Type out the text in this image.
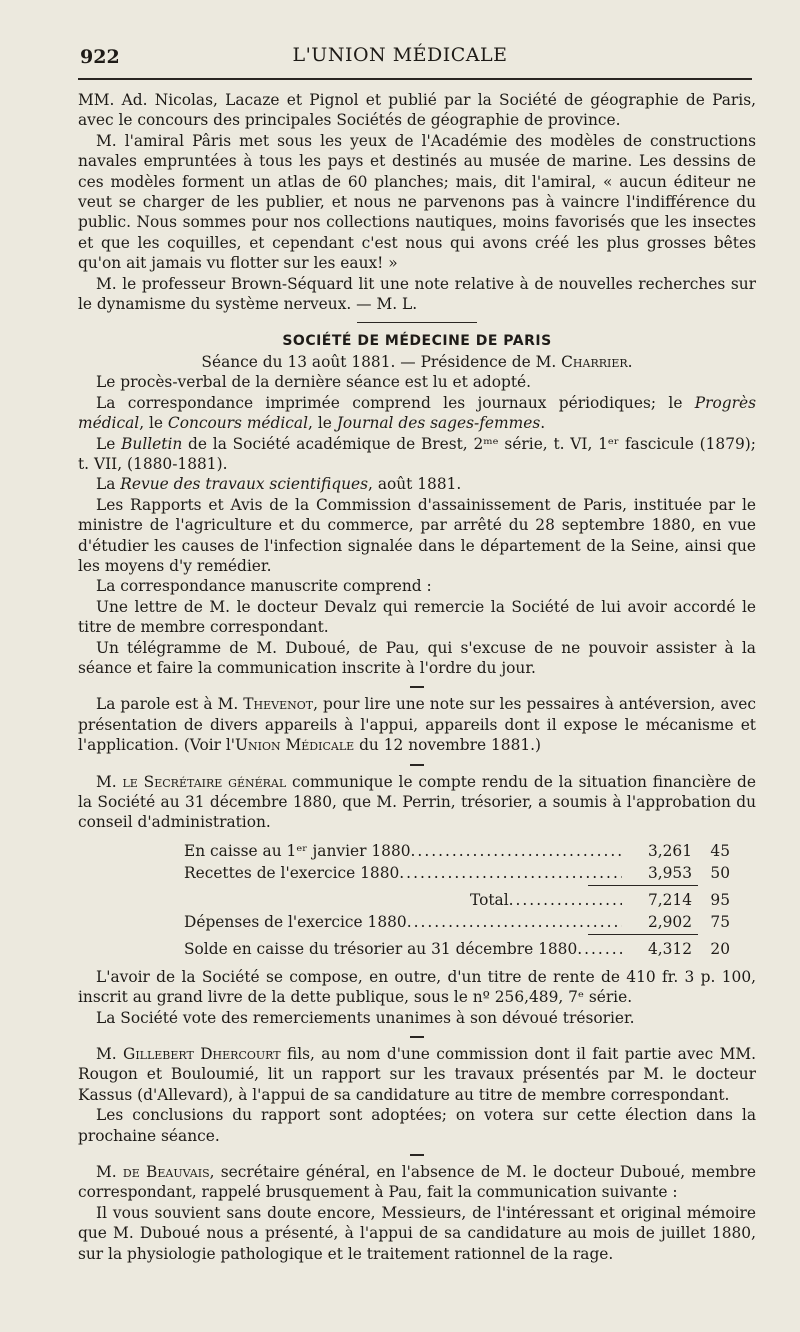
922	L'UNION MÉDICALE

MM. Ad. Nicolas, Lacaze et Pignol et publié par la Société de géographie de Paris, avec le concours des principales Sociétés de géographie de province.

M. l'amiral Pâris met sous les yeux de l'Académie des modèles de constructions navales empruntées à tous les pays et destinés au musée de marine. Les dessins de ces modèles forment un atlas de 60 planches; mais, dit l'amiral, « aucun éditeur ne veut se charger de les publier, et nous ne parvenons pas à vaincre l'indifférence du public. Nous sommes pour nos collections nautiques, moins favorisés que les insectes et que les coquilles, et cependant c'est nous qui avons créé les plus grosses bêtes qu'on ait jamais vu flotter sur les eaux! »

M. le professeur Brown-Séquard lit une note relative à de nouvelles recherches sur le dynamisme du système nerveux. — M. L.

SOCIÉTÉ DE MÉDECINE DE PARIS

Séance du 13 août 1881. — Présidence de M. Charrier.

Le procès-verbal de la dernière séance est lu et adopté.

La correspondance imprimée comprend les journaux périodiques; le Progrès médical, le Concours médical, le Journal des sages-femmes.

Le Bulletin de la Société académique de Brest, 2ᵐᵉ série, t. VI, 1ᵉʳ fascicule (1879); t. VII, (1880-1881).

La Revue des travaux scientifiques, août 1881.

Les Rapports et Avis de la Commission d'assainissement de Paris, instituée par le ministre de l'agriculture et du commerce, par arrêté du 28 septembre 1880, en vue d'étudier les causes de l'infection signalée dans le département de la Seine, ainsi que les moyens d'y remédier.

La correspondance manuscrite comprend :

Une lettre de M. le docteur Devalz qui remercie la Société de lui avoir accordé le titre de membre correspondant.

Un télégramme de M. Duboué, de Pau, qui s'excuse de ne pouvoir assister à la séance et faire la communication inscrite à l'ordre du jour.

La parole est à M. Thevenot, pour lire une note sur les pessaires à antéversion, avec présentation de divers appareils à l'appui, appareils dont il expose le mécanisme et l'application. (Voir l'Union Médicale du 12 novembre 1881.)

M. le Secrétaire général communique le compte rendu de la situation financière de la Société au 31 décembre 1880, que M. Perrin, trésorier, a soumis à l'approbation du conseil d'administration.

En caisse au 1ᵉʳ janvier 1880 .....	3,261	45
Recettes de l'exercice 1880 .....	3,953	50
Total .....	7,214	95
Dépenses de l'exercice 1880 .....	2,902	75
Solde en caisse du trésorier au 31 décembre 1880 .....	4,312	20

L'avoir de la Société se compose, en outre, d'un titre de rente de 410 fr. 3 p. 100, inscrit au grand livre de la dette publique, sous le nº 256,489, 7ᵉ série.

La Société vote des remerciements unanimes à son dévoué trésorier.

M. Gillebert Dhercourt fils, au nom d'une commission dont il fait partie avec MM. Rougon et Bouloumié, lit un rapport sur les travaux présentés par M. le docteur Kassus (d'Allevard), à l'appui de sa candidature au titre de membre correspondant.

Les conclusions du rapport sont adoptées; on votera sur cette élection dans la prochaine séance.

M. de Beauvais, secrétaire général, en l'absence de M. le docteur Duboué, membre correspondant, rappelé brusquement à Pau, fait la communication suivante :

Il vous souvient sans doute encore, Messieurs, de l'intéressant et original mémoire que M. Duboué nous a présenté, à l'appui de sa candidature au mois de juillet 1880, sur la physiologie pathologique et le traitement rationnel de la rage.
